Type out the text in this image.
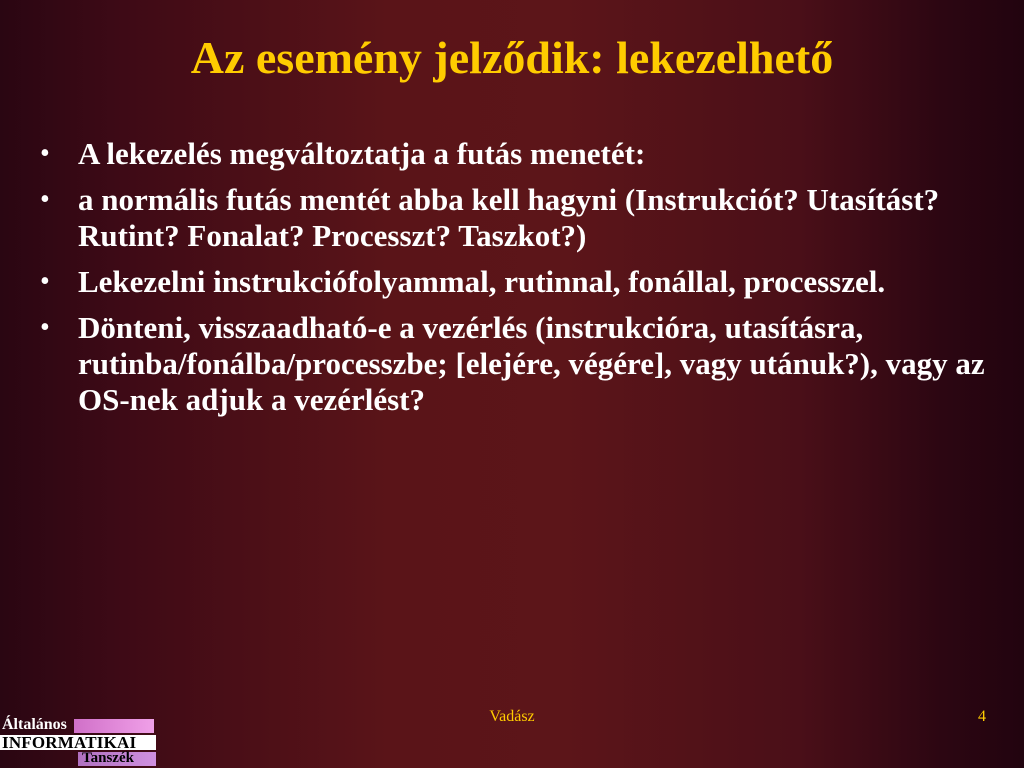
Az esemény jelződik: lekezelhető
• A lekezelés megváltoztatja a futás menetét:
• a normális futás mentét abba kell hagyni (Instrukciót? Utasítást? Rutint? Fonalat? Processzt? Taszkot?)
• Lekezelni instrukciófolyammal, rutinnal, fonállal, processzel.
• Dönteni, visszaadható-e a vezérlés (instrukcióra, utasításra, rutinba/fonálba/processzbe; [elejére, végére], vagy utánuk?), vagy az OS-nek adjuk a vezérlést?
Vadász	4
Általános
INFORMATIKAI
Tanszék
